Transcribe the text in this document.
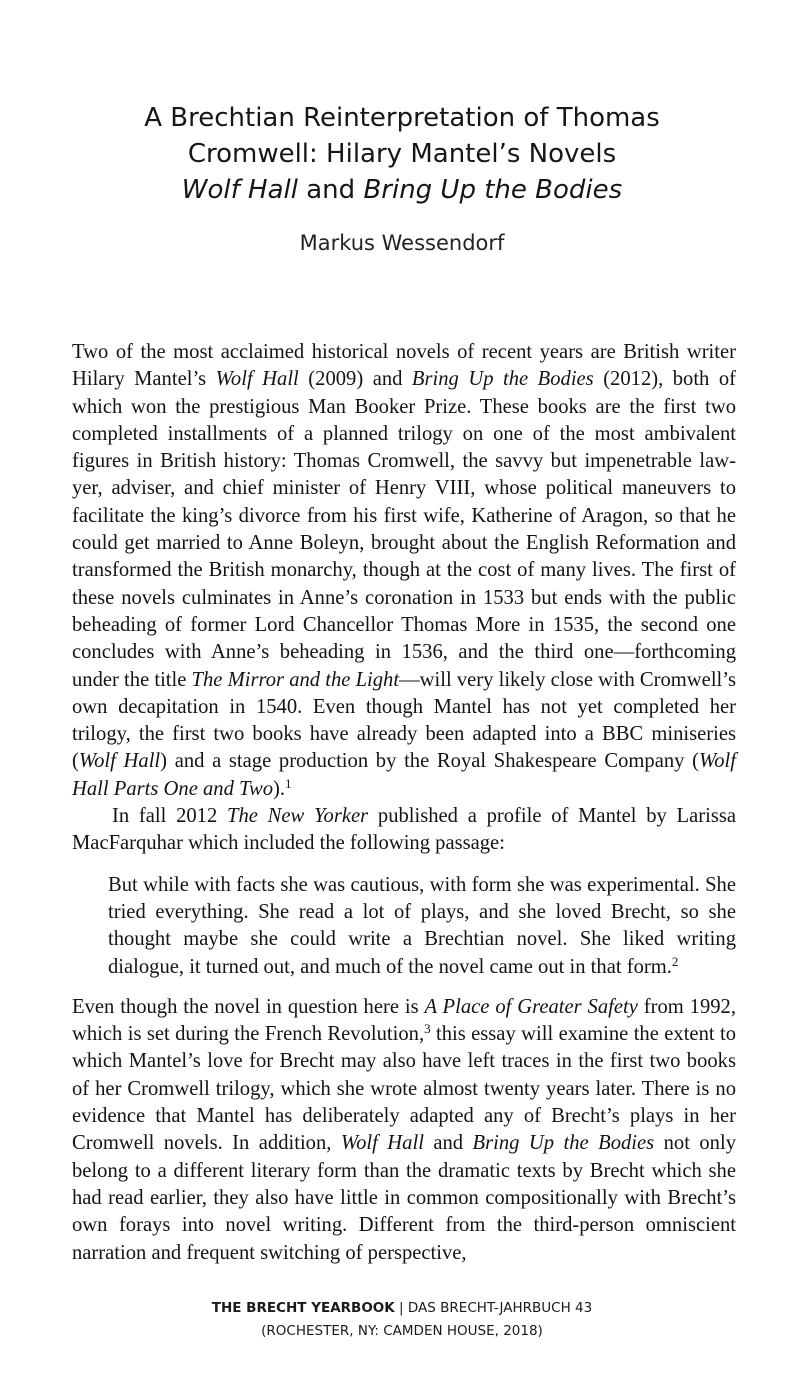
A Brechtian Reinterpretation of Thomas
Cromwell: Hilary Mantel’s Novels
Wolf Hall and Bring Up the Bodies
Markus Wessendorf

Two of the most acclaimed historical novels of recent years are British writer Hilary Mantel’s Wolf Hall (2009) and Bring Up the Bodies (2012), both of which won the prestigious Man Booker Prize. These books are the first two completed installments of a planned trilogy on one of the most ambivalent figures in British history: Thomas Cromwell, the savvy but impenetrable lawyer, adviser, and chief minister of Henry VIII, whose political maneuvers to facilitate the king’s divorce from his first wife, Katherine of Aragon, so that he could get married to Anne Boleyn, brought about the English Reformation and transformed the British monarchy, though at the cost of many lives. The first of these novels culminates in Anne’s coronation in 1533 but ends with the public beheading of former Lord Chancellor Thomas More in 1535, the second one concludes with Anne’s beheading in 1536, and the third one—forthcoming under the title The Mirror and the Light—will very likely close with Cromwell’s own decapitation in 1540. Even though Mantel has not yet completed her trilogy, the first two books have already been adapted into a BBC miniseries (Wolf Hall) and a stage production by the Royal Shakespeare Company (Wolf Hall Parts One and Two).$^1$

In fall 2012 The New Yorker published a profile of Mantel by Larissa MacFarquhar which included the following passage:

But while with facts she was cautious, with form she was experimental. She tried everything. She read a lot of plays, and she loved Brecht, so she thought maybe she could write a Brechtian novel. She liked writing dialogue, it turned out, and much of the novel came out in that form.$^2$

Even though the novel in question here is A Place of Greater Safety from 1992, which is set during the French Revolution,$^3$ this essay will examine the extent to which Mantel’s love for Brecht may also have left traces in the first two books of her Cromwell trilogy, which she wrote almost twenty years later. There is no evidence that Mantel has deliberately adapted any of Brecht’s plays in her Cromwell novels. In addition, Wolf Hall and Bring Up the Bodies not only belong to a different literary form than the dramatic texts by Brecht which she had read earlier, they also have little in common compositionally with Brecht’s own forays into novel writing. Different from the third-person omniscient narration and frequent switching of perspective,

THE BRECHT YEARBOOK | DAS BRECHT-JAHRBUCH 43
(ROCHESTER, NY: CAMDEN HOUSE, 2018)
